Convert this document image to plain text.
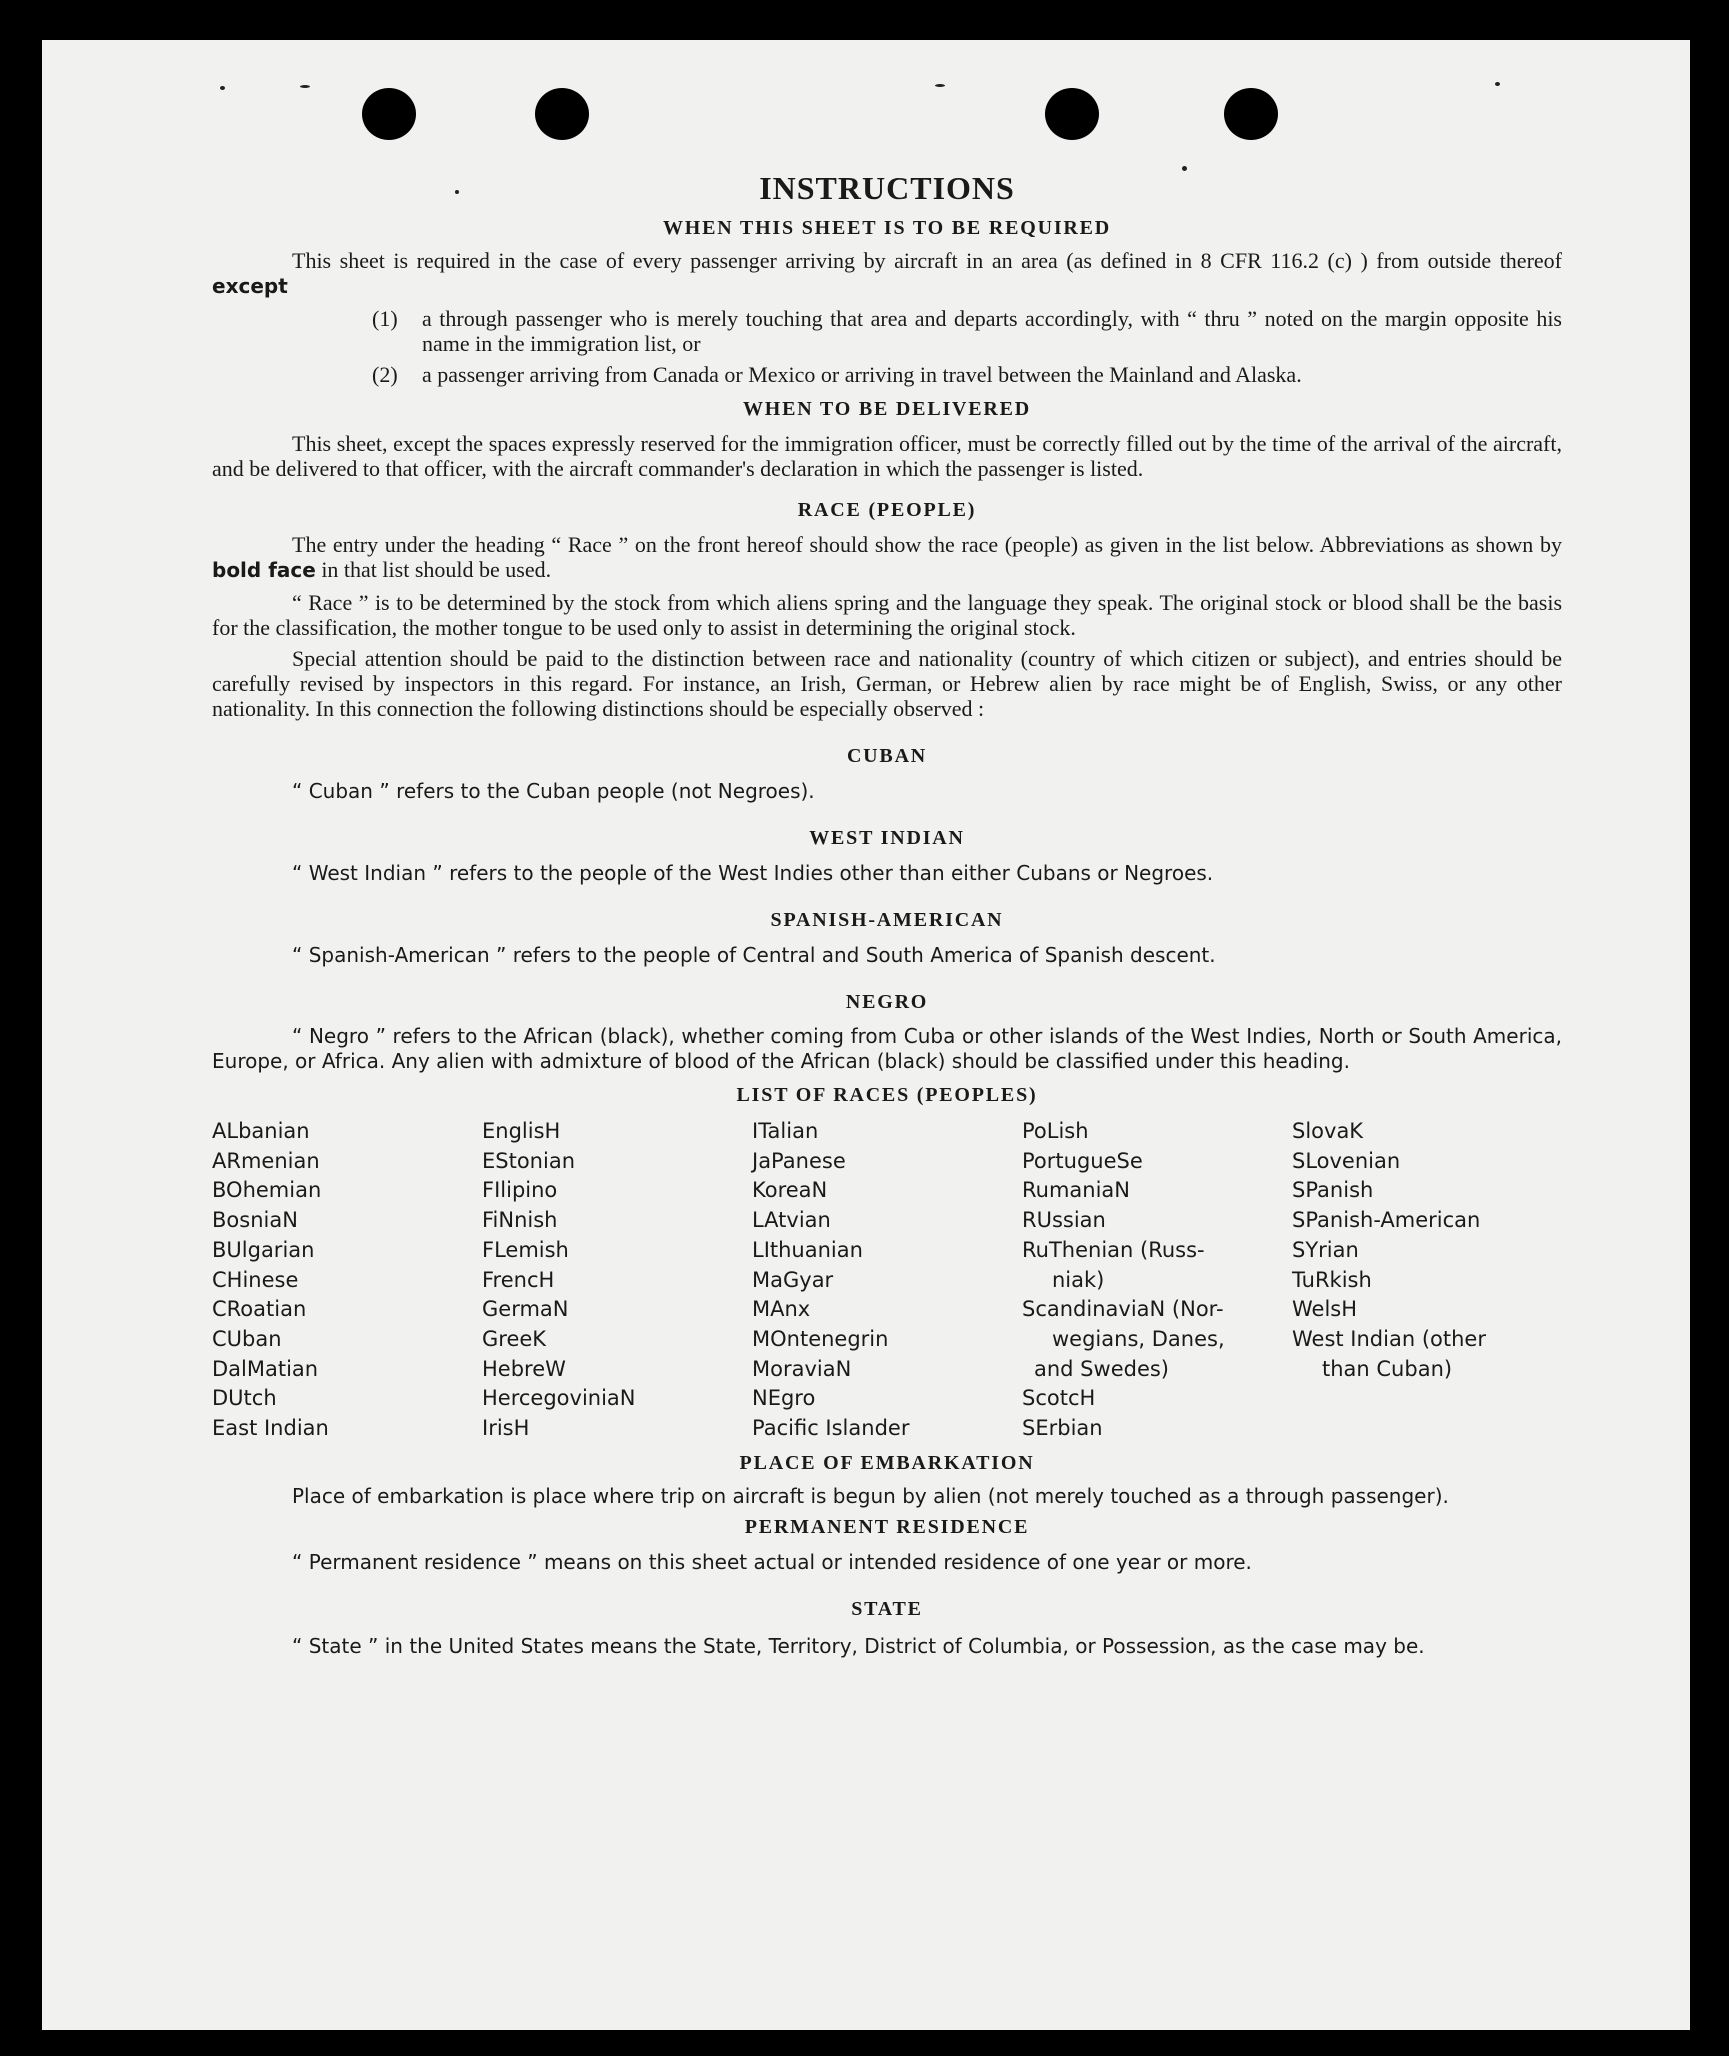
INSTRUCTIONS
WHEN THIS SHEET IS TO BE REQUIRED

This sheet is required in the case of every passenger arriving by aircraft in an area (as defined in 8 CFR 116.2 (c) ) from outside thereof except

(1)	a through passenger who is merely touching that area and departs accordingly, with “ thru ” noted on the margin opposite his name in the immigration list, or

(2)	a passenger arriving from Canada or Mexico or arriving in travel between the Mainland and Alaska.

WHEN TO BE DELIVERED

This sheet, except the spaces expressly reserved for the immigration officer, must be correctly filled out by the time of the arrival of the aircraft, and be delivered to that officer, with the aircraft commander's declaration in which the passenger is listed.

RACE (PEOPLE)

The entry under the heading “ Race ” on the front hereof should show the race (people) as given in the list below. Abbreviations as shown by bold face in that list should be used.

“ Race ” is to be determined by the stock from which aliens spring and the language they speak. The original stock or blood shall be the basis for the classification, the mother tongue to be used only to assist in determining the original stock.

Special attention should be paid to the distinction between race and nationality (country of which citizen or subject), and entries should be carefully revised by inspectors in this regard. For instance, an Irish, German, or Hebrew alien by race might be of English, Swiss, or any other nationality. In this connection the following distinctions should be especially observed :

CUBAN

“ Cuban ” refers to the Cuban people (not Negroes).

WEST INDIAN

“ West Indian ” refers to the people of the West Indies other than either Cubans or Negroes.

SPANISH-AMERICAN

“ Spanish-American ” refers to the people of Central and South America of Spanish descent.

NEGRO

“ Negro ” refers to the African (black), whether coming from Cuba or other islands of the West Indies, North or South America, Europe, or Africa. Any alien with admixture of blood of the African (black) should be classified under this heading.

LIST OF RACES (PEOPLES)
ALbanian
ARmenian
BOhemian
BosniaN
BUlgarian
CHinese
CRoatian
CUban
DalMatian
DUtch
East Indian
EnglisH
EStonian
FIlipino
FiNnish
FLemish
FrencH
GermaN
GreeK
HebreW
HercegoviniaN
IrisH
ITalian
JaPanese
KoreaN
LAtvian
LIthuanian
MaGyar
MAnx
MOntenegrin
MoraviaN
NEgro
Pacific Islander
PoLish
PortugueSe
RumaniaN
RUssian
RuThenian (Russ-
niak)
ScandinaviaN (Nor-
wegians, Danes,
and Swedes)
ScotcH
SErbian
SlovaK
SLovenian
SPanish
SPanish-American
SYrian
TuRkish
WelsH
West Indian (other
than Cuban)
PLACE OF EMBARKATION

Place of embarkation is place where trip on aircraft is begun by alien (not merely touched as a through passenger).

PERMANENT RESIDENCE

“ Permanent residence ” means on this sheet actual or intended residence of one year or more.

STATE

“ State ” in the United States means the State, Territory, District of Columbia, or Possession, as the case may be.
